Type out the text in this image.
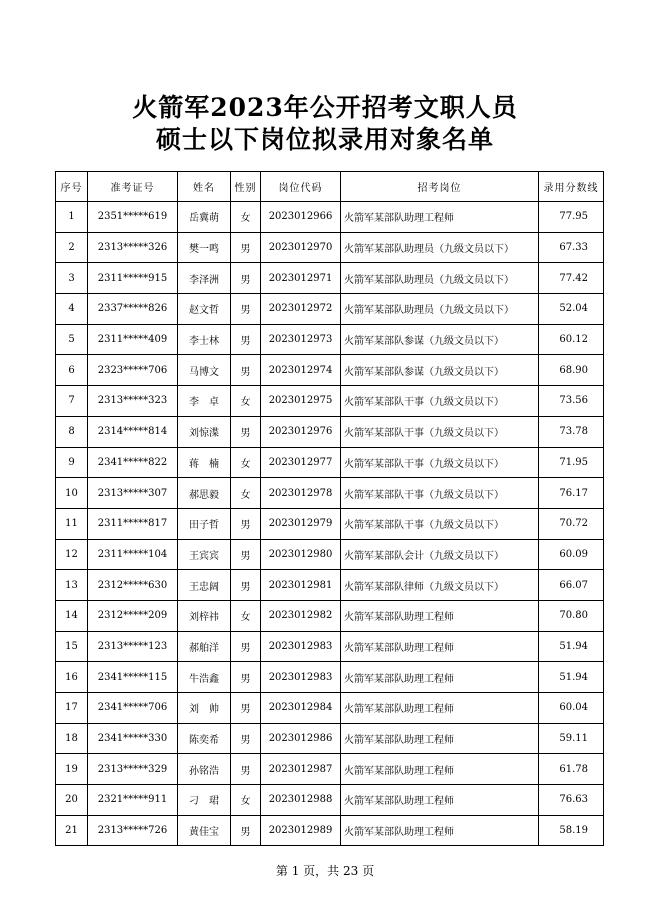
火箭军2023年公开招考文职人员
硕士以下岗位拟录用对象名单
序号	准考证号	姓名	性别	岗位代码	招考岗位	录用分数线
1	2351*****619	岳冀萌	女	2023012966	火箭军某部队助理工程师	77.95
2	2313*****326	樊一鸣	男	2023012970	火箭军某部队助理员（九级文员以下）	67.33
3	2311*****915	李泽洲	男	2023012971	火箭军某部队助理员（九级文员以下）	77.42
4	2337*****826	赵文哲	男	2023012972	火箭军某部队助理员（九级文员以下）	52.04
5	2311*****409	李士林	男	2023012973	火箭军某部队参谋（九级文员以下）	60.12
6	2323*****706	马博文	男	2023012974	火箭军某部队参谋（九级文员以下）	68.90
7	2313*****323	李　卓	女	2023012975	火箭军某部队干事（九级文员以下）	73.56
8	2314*****814	刘惊渫	男	2023012976	火箭军某部队干事（九级文员以下）	73.78
9	2341*****822	蒋　楠	女	2023012977	火箭军某部队干事（九级文员以下）	71.95
10	2313*****307	郝思毅	女	2023012978	火箭军某部队干事（九级文员以下）	76.17
11	2311*****817	田子哲	男	2023012979	火箭军某部队干事（九级文员以下）	70.72
12	2311*****104	王宾宾	男	2023012980	火箭军某部队会计（九级文员以下）	60.09
13	2312*****630	王忠阔	男	2023012981	火箭军某部队律师（九级文员以下）	66.07
14	2312*****209	刘梓祎	女	2023012982	火箭军某部队助理工程师	70.80
15	2313*****123	郝舶洋	男	2023012983	火箭军某部队助理工程师	51.94
16	2341*****115	牛浩鑫	男	2023012983	火箭军某部队助理工程师	51.94
17	2341*****706	刘　帅	男	2023012984	火箭军某部队助理工程师	60.04
18	2341*****330	陈奕希	男	2023012986	火箭军某部队助理工程师	59.11
19	2313*****329	孙铭浩	男	2023012987	火箭军某部队助理工程师	61.78
20	2321*****911	刁　珺	女	2023012988	火箭军某部队助理工程师	76.63
21	2313*****726	黄佳宝	男	2023012989	火箭军某部队助理工程师	58.19
第 1 页，共 23 页
